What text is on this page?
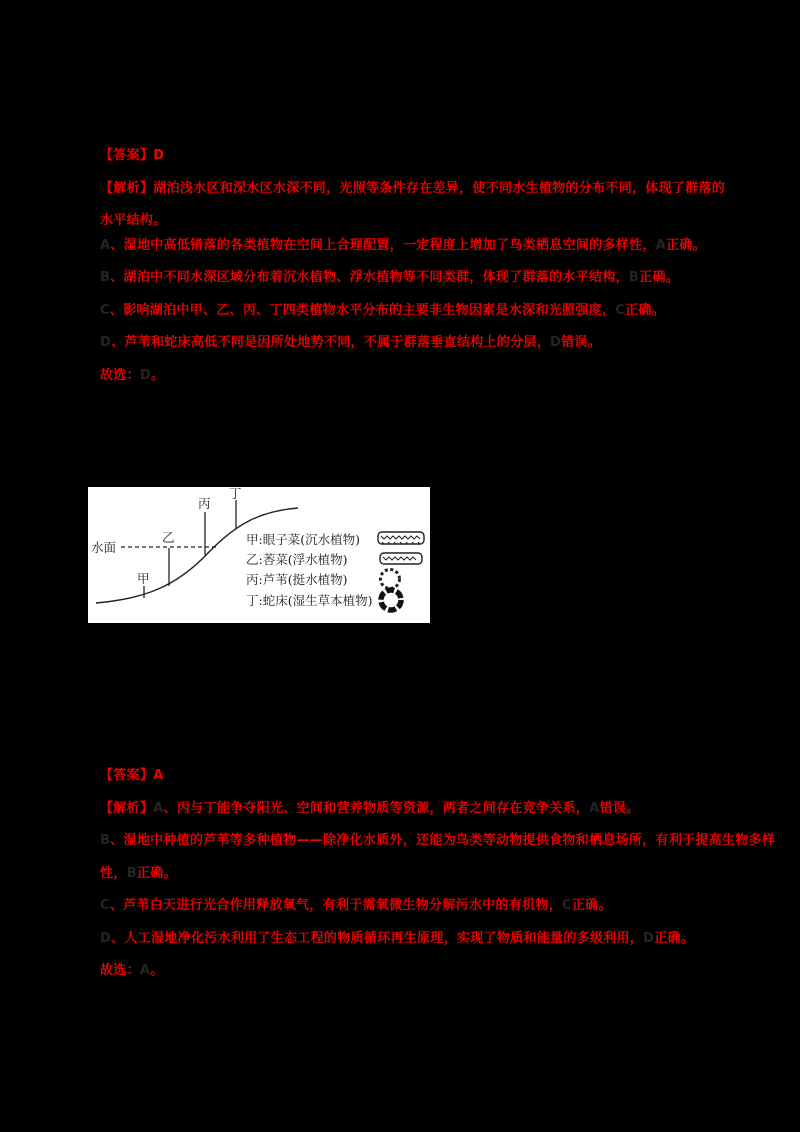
【答案】D
【解析】湖泊浅水区和深水区水深不同，光照等条件存在差异，使不同水生植物的分布不同，体现了群落的
水平结构。
A、湿地中高低错落的各类植物在空间上合理配置，一定程度上增加了鸟类栖息空间的多样性，A正确。
B、湖泊中不同水深区域分布着沉水植物、浮水植物等不同类群，体现了群落的水平结构，B正确。
C、影响湖泊中甲、乙、丙、丁四类植物水平分布的主要非生物因素是水深和光照强度，C正确。
D、芦苇和蛇床高低不同是因所处地势不同，不属于群落垂直结构上的分层，D错误。
故选：D。
水面
甲
乙
丙
丁
甲:眼子菜(沉水植物)
乙:莕菜(浮水植物)
丙:芦苇(挺水植物)
丁:蛇床(湿生草本植物)
【答案】A
【解析】A、丙与丁能争夺阳光、空间和营养物质等资源，两者之间存在竞争关系，A错误。
B、湿地中种植的芦苇等多种植物——除净化水质外，还能为鸟类等动物提供食物和栖息场所，有利于提高生物多样
性，B正确。
C、芦苇白天进行光合作用释放氧气，有利于需氧微生物分解污水中的有机物，C正确。
D、人工湿地净化污水利用了生态工程的物质循环再生原理，实现了物质和能量的多级利用，D正确。
故选：A。
